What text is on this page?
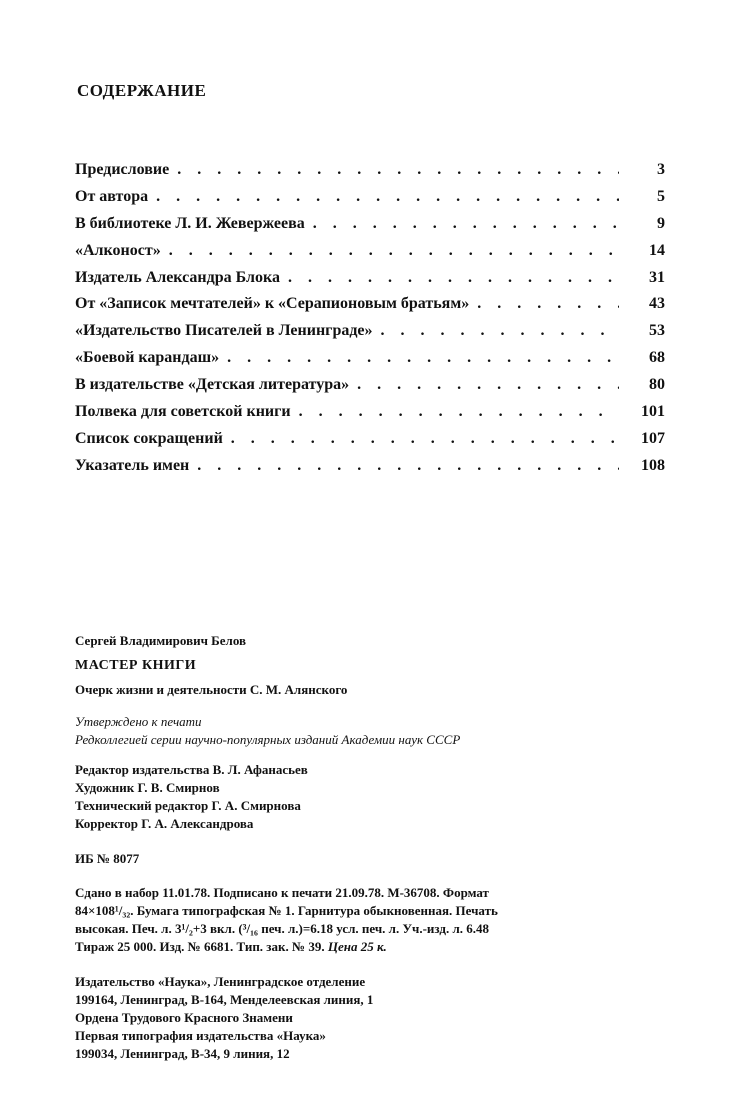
СОДЕРЖАНИЕ
Предисловие . . .	3
От автора . . .	5
В библиотеке Л. И. Жевержеева . . .	9
«Алконост» . . .	14
Издатель Александра Блока . . .	31
От «Записок мечтателей» к «Серапионовым братьям» . . .	43
«Издательство Писателей в Ленинграде» . . .	53
«Боевой карандаш» . . .	68
В издательстве «Детская литература» . . .	80
Полвека для советской книги . . .	101
Список сокращений . . .	107
Указатель имен . . .	108

Сергей Владимирович Белов

МАСТЕР КНИГИ

Очерк жизни и деятельности С. М. Алянского

Утверждено к печати

Редколлегией серии научно-популярных изданий Академии наук СССР

Редактор издательства В. Л. Афанасьев

Художник Г. В. Смирнов

Технический редактор Г. А. Смирнова

Корректор Г. А. Александрова

ИБ № 8077

Сдано в набор 11.01.78. Подписано к печати 21.09.78. М-36708. Формат

84×108¹/₃₂. Бумага типографская № 1. Гарнитура обыкновенная. Печать

высокая. Печ. л. 3¹/₂+3 вкл. (³/₁₆ печ. л.)=6.18 усл. печ. л. Уч.-изд. л. 6.48

Тираж 25 000. Изд. № 6681. Тип. зак. № 39. Цена 25 к.

Издательство «Наука», Ленинградское отделение

199164, Ленинград, В-164, Менделеевская линия, 1

Ордена Трудового Красного Знамени

Первая типография издательства «Наука»

199034, Ленинград, В-34, 9 линия, 12
